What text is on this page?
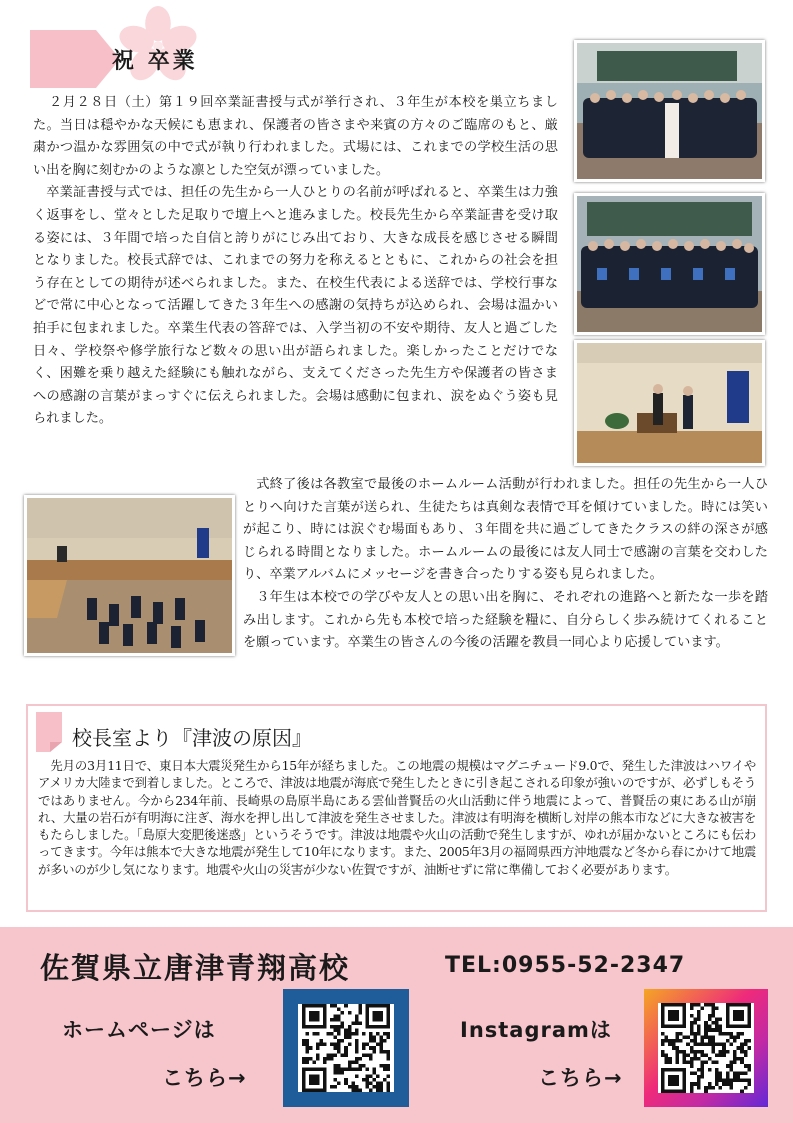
祝 卒業

２月２８日（土）第１９回卒業証書授与式が挙行され、３年生が本校を巣立ちました。当日は穏やかな天候にも恵まれ、保護者の皆さまや来賓の方々のご臨席のもと、厳粛かつ温かな雰囲気の中で式が執り行われました。式場には、これまでの学校生活の思い出を胸に刻むかのような凛とした空気が漂っていました。

卒業証書授与式では、担任の先生から一人ひとりの名前が呼ばれると、卒業生は力強く返事をし、堂々とした足取りで壇上へと進みました。校長先生から卒業証書を受け取る姿には、３年間で培った自信と誇りがにじみ出ており、大きな成長を感じさせる瞬間となりました。校長式辞では、これまでの努力を称えるとともに、これからの社会を担う存在としての期待が述べられました。また、在校生代表による送辞では、学校行事などで常に中心となって活躍してきた３年生への感謝の気持ちが込められ、会場は温かい拍手に包まれました。卒業生代表の答辞では、入学当初の不安や期待、友人と過ごした日々、学校祭や修学旅行など数々の思い出が語られました。楽しかったことだけでなく、困難を乗り越えた経験にも触れながら、支えてくださった先生方や保護者の皆さまへの感謝の言葉がまっすぐに伝えられました。会場は感動に包まれ、涙をぬぐう姿も見られました。

式終了後は各教室で最後のホームルーム活動が行われました。担任の先生から一人ひとりへ向けた言葉が送られ、生徒たちは真剣な表情で耳を傾けていました。時には笑いが起こり、時には涙ぐむ場面もあり、３年間を共に過ごしてきたクラスの絆の深さが感じられる時間となりました。ホームルームの最後には友人同士で感謝の言葉を交わしたり、卒業アルバムにメッセージを書き合ったりする姿も見られました。

３年生は本校での学びや友人との思い出を胸に、それぞれの進路へと新たな一歩を踏み出します。これから先も本校で培った経験を糧に、自分らしく歩み続けてくれることを願っています。卒業生の皆さんの今後の活躍を教員一同心より応援しています。

校長室より『津波の原因』

先月の3月11日で、東日本大震災発生から15年が経ちました。この地震の規模はマグニチュード9.0で、発生した津波はハワイやアメリカ大陸まで到着しました。ところで、津波は地震が海底で発生したときに引き起こされる印象が強いのですが、必ずしもそうではありません。今から234年前、長崎県の島原半島にある雲仙普賢岳の火山活動に伴う地震によって、普賢岳の東にある山が崩れ、大量の岩石が有明海に注ぎ、海水を押し出して津波を発生させました。津波は有明海を横断し対岸の熊本市などに大きな被害をもたらしました。「島原大変肥後迷惑」というそうです。津波は地震や火山の活動で発生しますが、ゆれが届かないところにも伝わってきます。今年は熊本で大きな地震が発生して10年になります。また、2005年3月の福岡県西方沖地震など冬から春にかけて地震が多いのが少し気になります。地震や火山の災害が少ない佐賀ですが、油断せずに常に準備しておく必要があります。

佐賀県立唐津青翔高校	TEL:0955-52-2347
ホームページは
こちら→
Instagramは
こちら→
